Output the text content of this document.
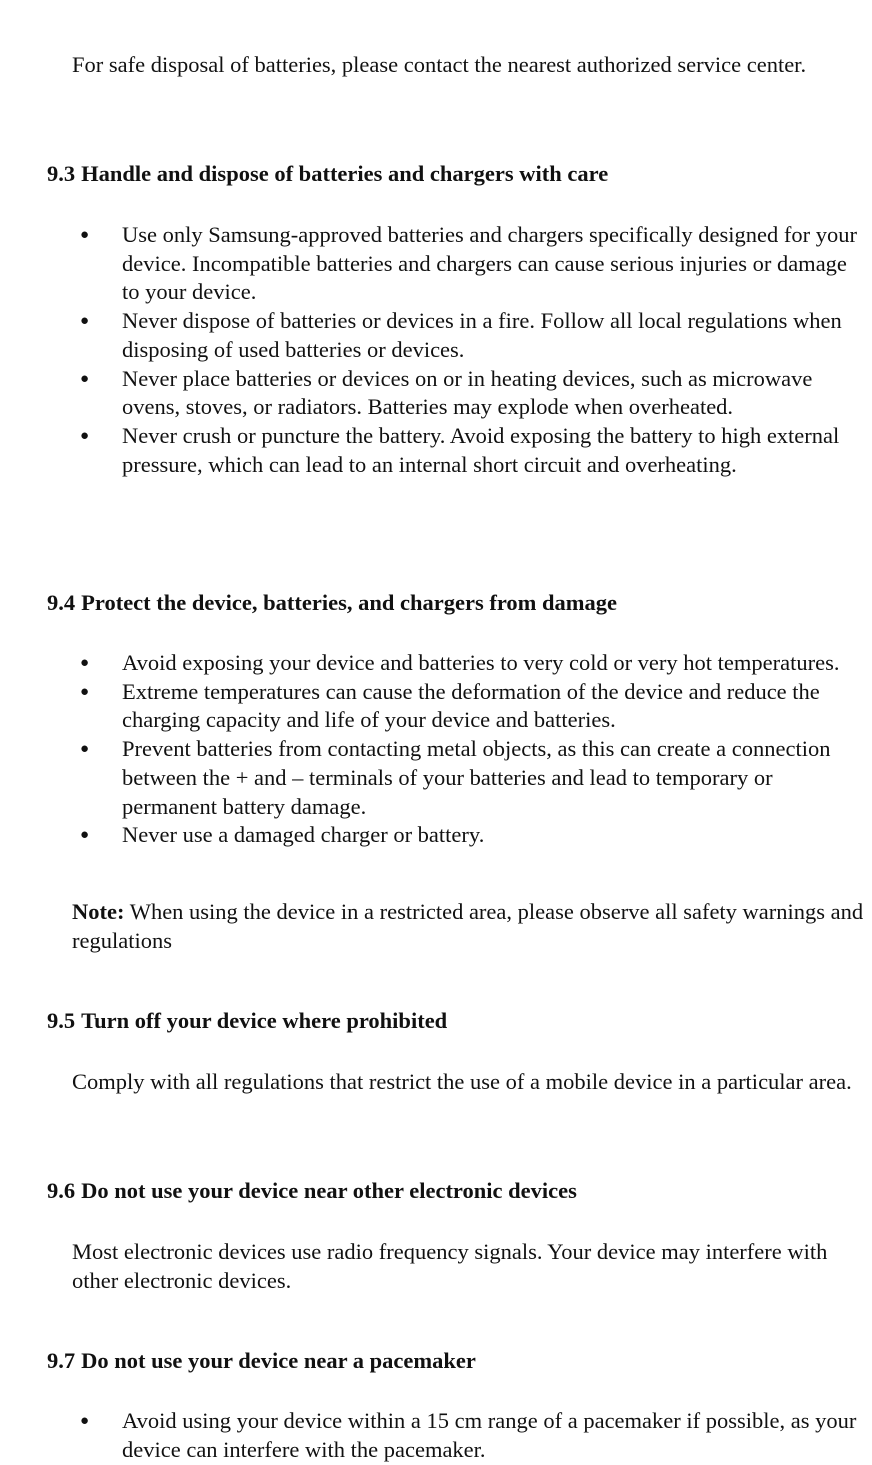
For safe disposal of batteries, please contact the nearest authorized service center.

9.3 Handle and dispose of batteries and chargers with care
●	Use only Samsung-approved batteries and chargers specifically designed for your device. Incompatible batteries and chargers can cause serious injuries or damage to your device.
●	Never dispose of batteries or devices in a fire. Follow all local regulations when disposing of used batteries or devices.
●	Never place batteries or devices on or in heating devices, such as microwave ovens, stoves, or radiators. Batteries may explode when overheated.
●	Never crush or puncture the battery. Avoid exposing the battery to high external pressure, which can lead to an internal short circuit and overheating.
9.4 Protect the device, batteries, and chargers from damage
●	Avoid exposing your device and batteries to very cold or very hot temperatures.
●	Extreme temperatures can cause the deformation of the device and reduce the charging capacity and life of your device and batteries.
●	Prevent batteries from contacting metal objects, as this can create a connection between the + and – terminals of your batteries and lead to temporary or permanent battery damage.
●	Never use a damaged charger or battery.

Note: When using the device in a restricted area, please observe all safety warnings and regulations

9.5 Turn off your device where prohibited

Comply with all regulations that restrict the use of a mobile device in a particular area.

9.6 Do not use your device near other electronic devices

Most electronic devices use radio frequency signals. Your device may interfere with other electronic devices.

9.7 Do not use your device near a pacemaker
●	Avoid using your device within a 15 cm range of a pacemaker if possible, as your device can interfere with the pacemaker.
